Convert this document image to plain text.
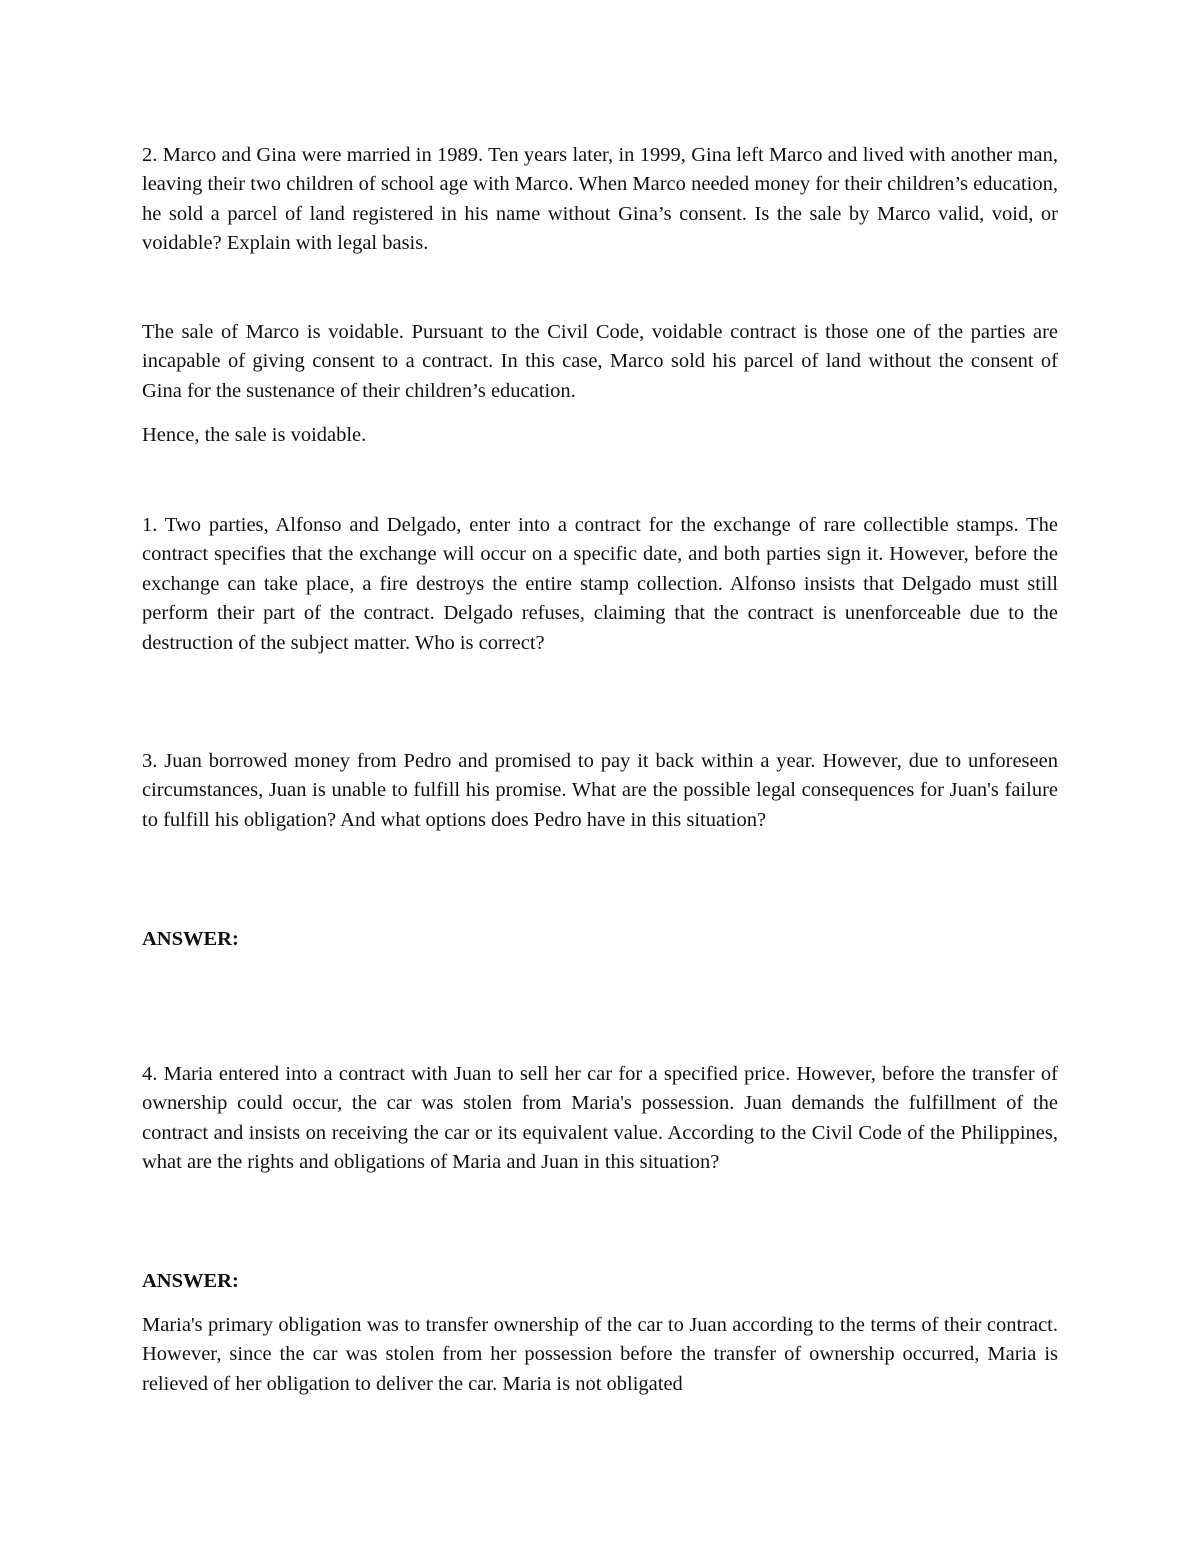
2. Marco and Gina were married in 1989. Ten years later, in 1999, Gina left Marco and lived with another man, leaving their two children of school age with Marco. When Marco needed money for their children’s education, he sold a parcel of land registered in his name without Gina’s consent. Is the sale by Marco valid, void, or voidable? Explain with legal basis.

The sale of Marco is voidable. Pursuant to the Civil Code, voidable contract is those one of the parties are incapable of giving consent to a contract. In this case, Marco sold his parcel of land without the consent of Gina for the sustenance of their children’s education.

Hence, the sale is voidable.

1. Two parties, Alfonso and Delgado, enter into a contract for the exchange of rare collectible stamps. The contract specifies that the exchange will occur on a specific date, and both parties sign it. However, before the exchange can take place, a fire destroys the entire stamp collection. Alfonso insists that Delgado must still perform their part of the contract. Delgado refuses, claiming that the contract is unenforceable due to the destruction of the subject matter. Who is correct?

3. Juan borrowed money from Pedro and promised to pay it back within a year. However, due to unforeseen circumstances, Juan is unable to fulfill his promise. What are the possible legal consequences for Juan's failure to fulfill his obligation? And what options does Pedro have in this situation?

ANSWER:

4. Maria entered into a contract with Juan to sell her car for a specified price. However, before the transfer of ownership could occur, the car was stolen from Maria's possession. Juan demands the fulfillment of the contract and insists on receiving the car or its equivalent value. According to the Civil Code of the Philippines, what are the rights and obligations of Maria and Juan in this situation?

ANSWER:

Maria's primary obligation was to transfer ownership of the car to Juan according to the terms of their contract. However, since the car was stolen from her possession before the transfer of ownership occurred, Maria is relieved of her obligation to deliver the car. Maria is not obligated
